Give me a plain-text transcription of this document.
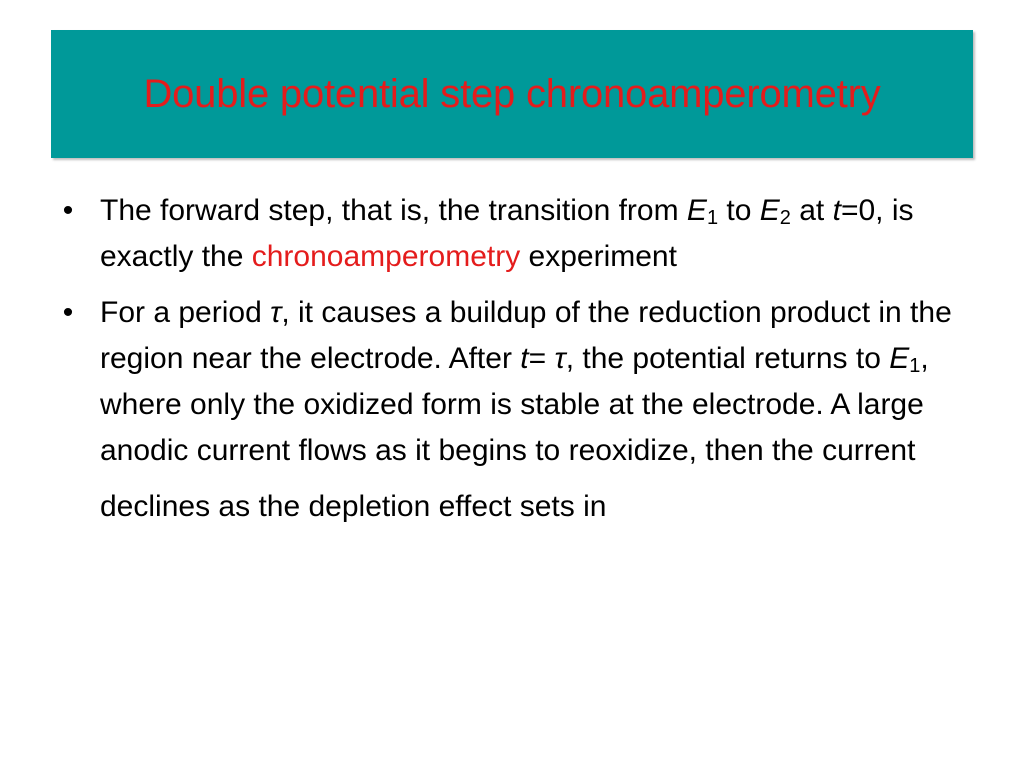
Double potential step chronoamperometry
• The forward step, that is, the transition from $E_1$ to $E_2$ at t=0, is exactly the chronoamperometry experiment
• For a period τ, it causes a buildup of the reduction product in the region near the electrode. After t= τ, the potential returns to $E_1$, where only the oxidized form is stable at the electrode. A large anodic current flows as it begins to reoxidize, then the current declines as the depletion effect sets in
